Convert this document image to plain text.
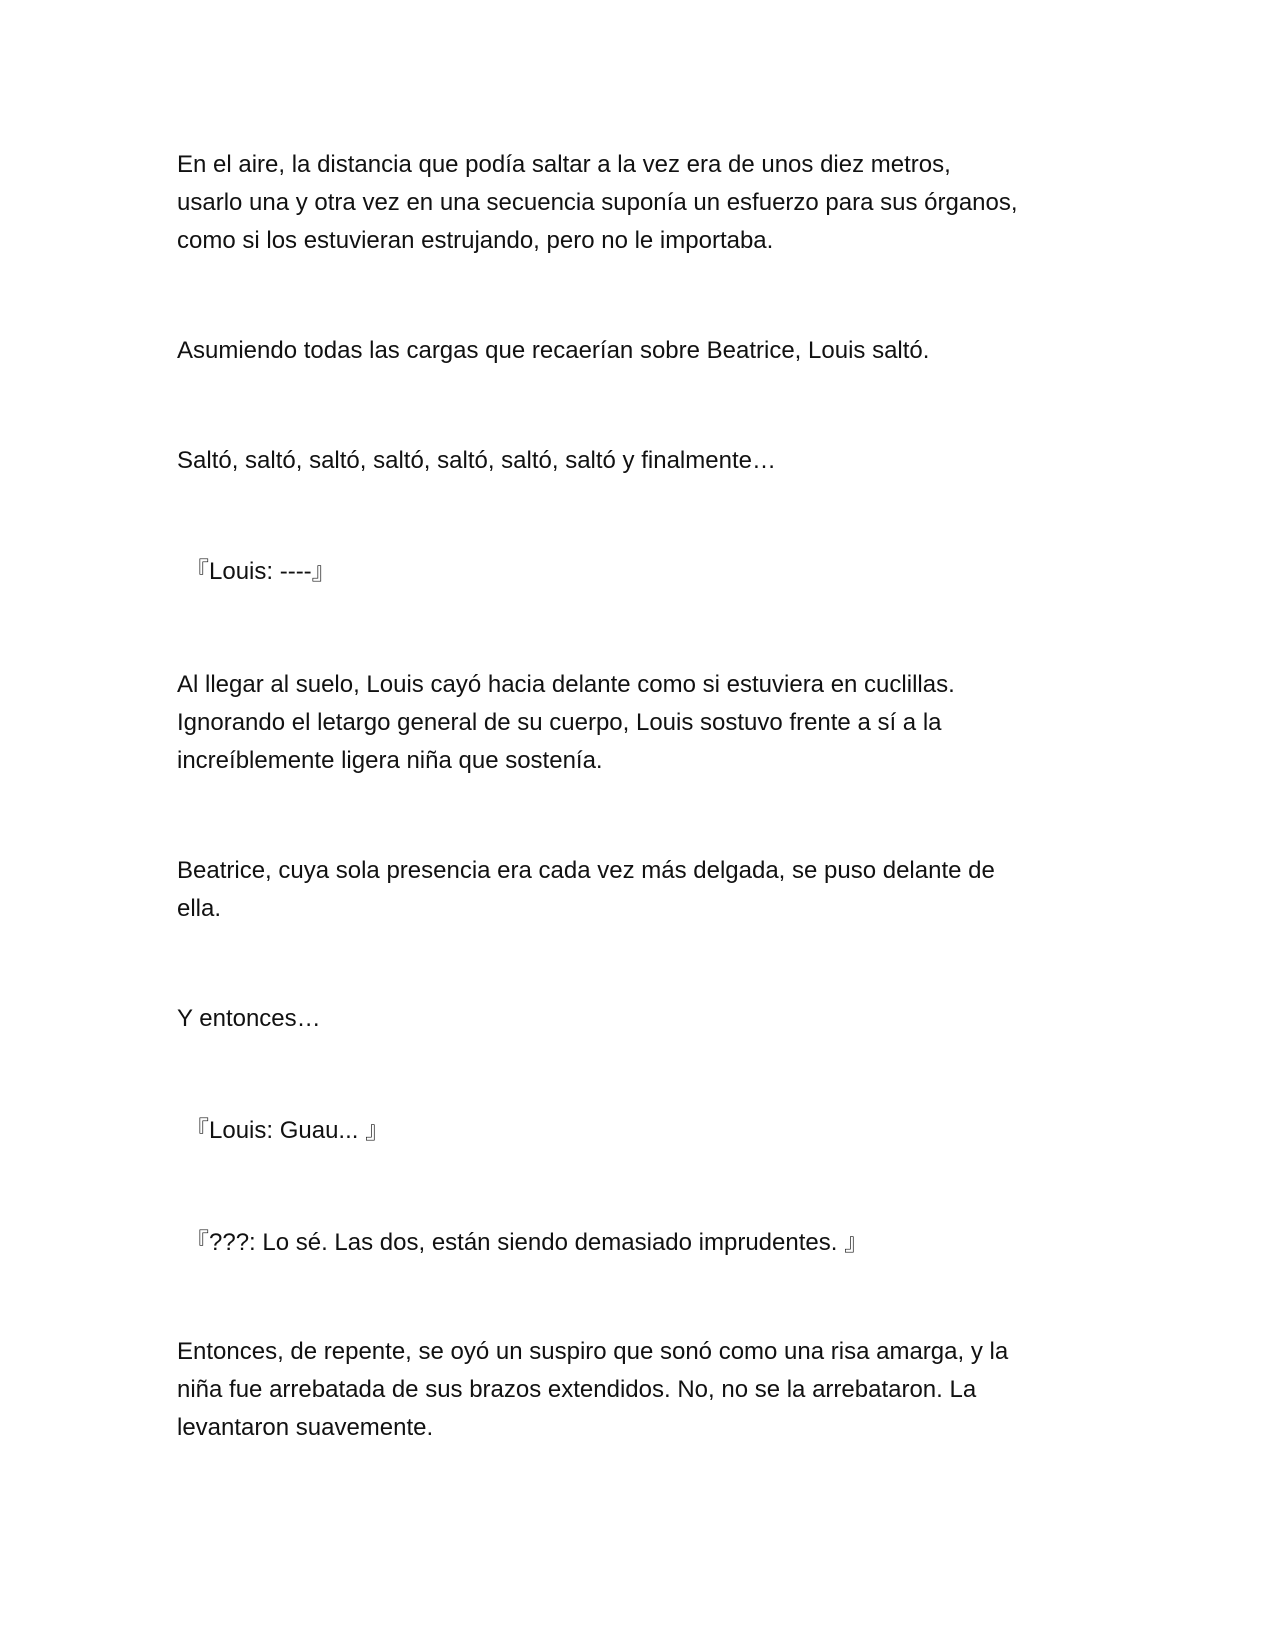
En el aire, la distancia que podía saltar a la vez era de unos diez metros,
usarlo una y otra vez en una secuencia suponía un esfuerzo para sus órganos,
como si los estuvieran estrujando, pero no le importaba.

Asumiendo todas las cargas que recaerían sobre Beatrice, Louis saltó.

Saltó, saltó, saltó, saltó, saltó, saltó, saltó y finalmente…

『Louis: ----』

Al llegar al suelo, Louis cayó hacia delante como si estuviera en cuclillas.
Ignorando el letargo general de su cuerpo, Louis sostuvo frente a sí a la
increíblemente ligera niña que sostenía.

Beatrice, cuya sola presencia era cada vez más delgada, se puso delante de
ella.

Y entonces…

『Louis: Guau... 』

『???: Lo sé. Las dos, están siendo demasiado imprudentes. 』

Entonces, de repente, se oyó un suspiro que sonó como una risa amarga, y la
niña fue arrebatada de sus brazos extendidos. No, no se la arrebataron. La
levantaron suavemente.
